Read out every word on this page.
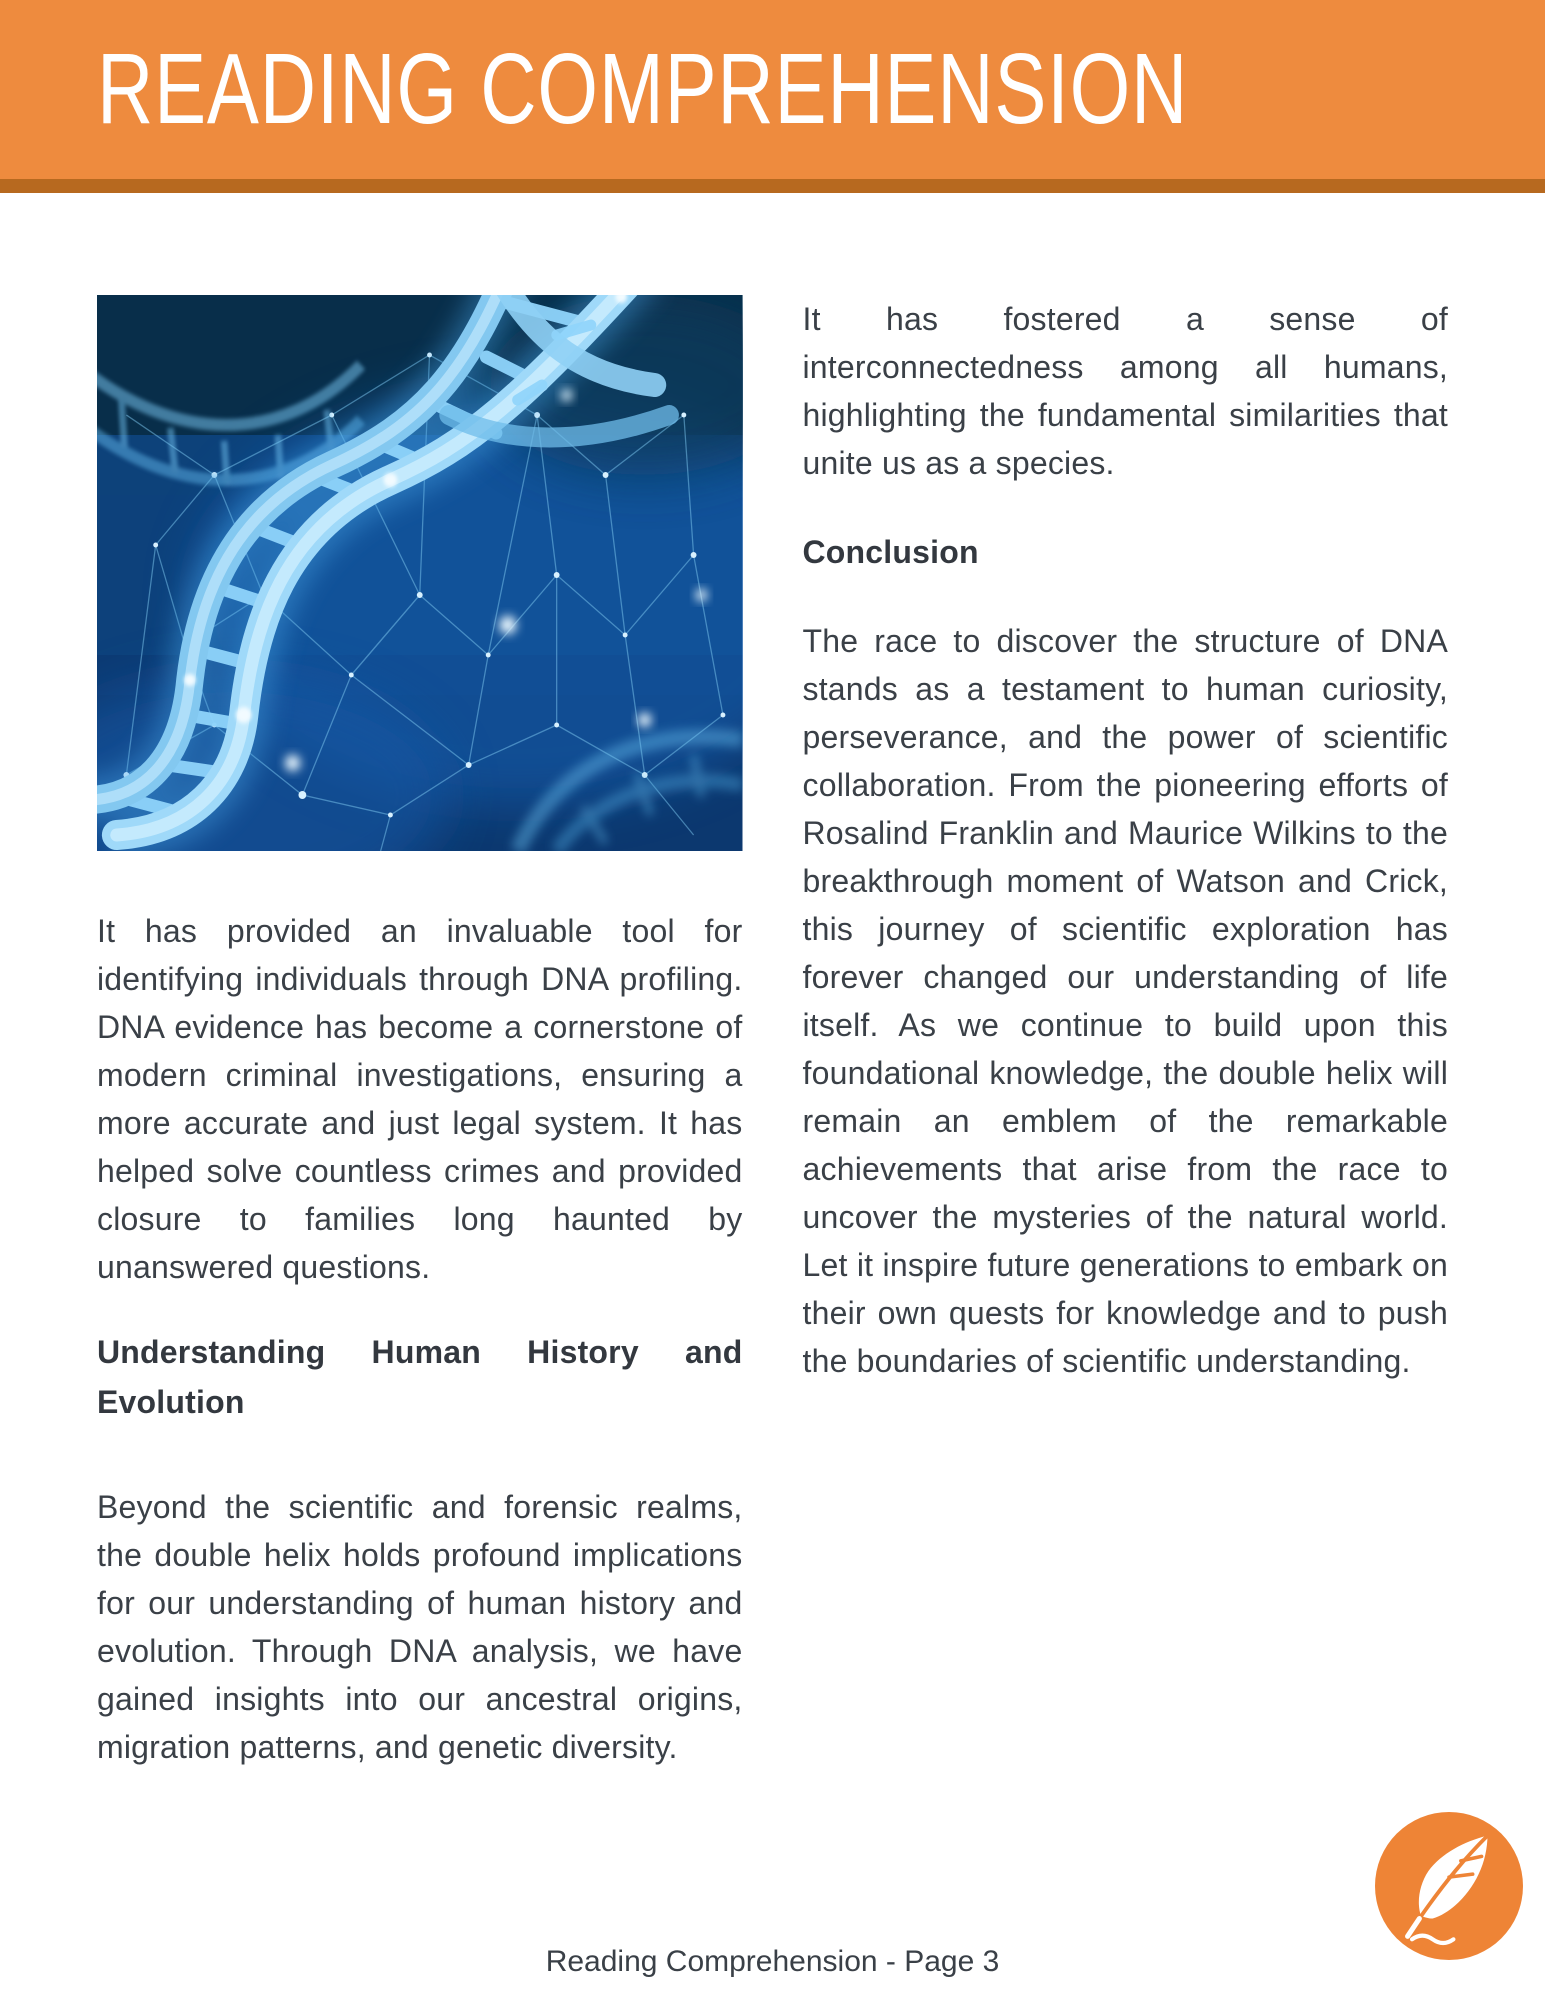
READING COMPREHENSION

It has provided an invaluable tool for identifying individuals through DNA profiling. DNA evidence has become a cornerstone of modern criminal investigations, ensuring a more accurate and just legal system. It has helped solve countless crimes and provided closure to families long haunted by unanswered questions.

Understanding Human History and Evolution

Beyond the scientific and forensic realms, the double helix holds profound implications for our understanding of human history and evolution. Through DNA analysis, we have gained insights into our ancestral origins, migration patterns, and genetic diversity.

It has fostered a sense of interconnectedness among all humans, highlighting the fundamental similarities that unite us as a species.

Conclusion

The race to discover the structure of DNA stands as a testament to human curiosity, perseverance, and the power of scientific collaboration. From the pioneering efforts of Rosalind Franklin and Maurice Wilkins to the breakthrough moment of Watson and Crick, this journey of scientific exploration has forever changed our understanding of life itself. As we continue to build upon this foundational knowledge, the double helix will remain an emblem of the remarkable achievements that arise from the race to uncover the mysteries of the natural world. Let it inspire future generations to embark on their own quests for knowledge and to push the boundaries of scientific understanding.

Reading Comprehension - Page 3
